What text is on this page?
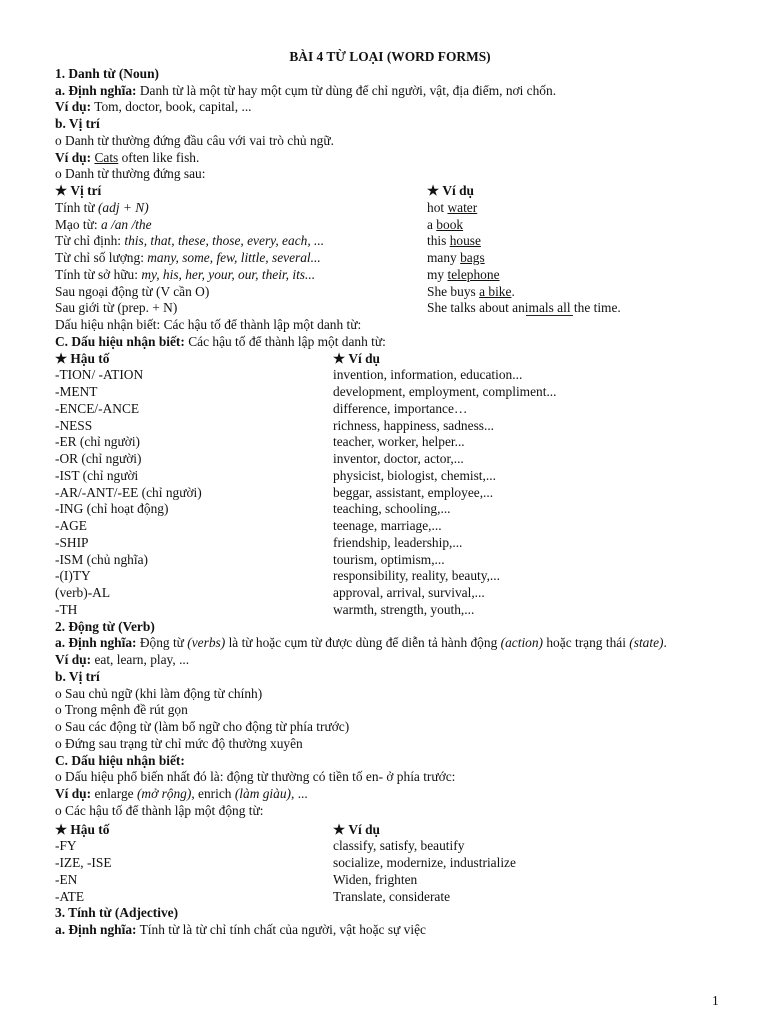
BÀI 4 TỪ LOẠI (WORD FORMS)
1. Danh từ (Noun)
a. Định nghĩa: Danh từ là một từ hay một cụm từ dùng để chỉ người, vật, địa điểm, nơi chốn.
Ví dụ: Tom, doctor, book, capital, ...
b. Vị trí
o Danh từ thường đứng đầu câu với vai trò chủ ngữ.
Ví dụ: Cats often like fish.
o Danh từ thường đứng sau:
★ Vị trí	★ Ví dụ
Tính từ (adj + N)	hot water
Mạo từ: a /an /the	a book
Từ chỉ định: this, that, these, those, every, each, ...	this house
Từ chỉ số lượng: many, some, few, little, several...	many bags
Tính từ sở hữu: my, his, her, your, our, their, its...	my telephone
Sau ngoại động từ (V cần O)	She buys a bike.
Sau giới từ (prep. + N)	She talks about animals all the time.
Dấu hiệu nhận biết: Các hậu tố để thành lập một danh từ:
C. Dấu hiệu nhận biết: Các hậu tố để thành lập một danh từ:
★ Hậu tố	★ Ví dụ
-TION/ -ATION	invention, information, education...
-MENT	development, employment, compliment...
-ENCE/-ANCE	difference, importance…
-NESS	richness, happiness, sadness...
-ER (chỉ người)	teacher, worker, helper...
-OR (chỉ người)	inventor, doctor, actor,...
-IST (chỉ người	physicist, biologist, chemist,...
-AR/-ANT/-EE (chỉ người)	beggar, assistant, employee,...
-ING (chỉ hoạt động)	teaching, schooling,...
-AGE	teenage, marriage,...
-SHIP	friendship, leadership,...
-ISM (chủ nghĩa)	tourism, optimism,...
-(I)TY	responsibility, reality, beauty,...
(verb)-AL	approval, arrival, survival,...
-TH	warmth, strength, youth,...
2. Động từ (Verb)
a. Định nghĩa: Động từ (verbs) là từ hoặc cụm từ được dùng để diễn tả hành động (action) hoặc trạng thái (state).
Ví dụ: eat, learn, play, ...
b. Vị trí
o Sau chủ ngữ (khi làm động từ chính)
o Trong mệnh đề rút gọn
o Sau các động từ (làm bổ ngữ cho động từ phía trước)
o Đứng sau trạng từ chỉ mức độ thường xuyên
C. Dấu hiệu nhận biết:
o Dấu hiệu phổ biến nhất đó là: động từ thường có tiền tố en- ở phía trước:
Ví dụ: enlarge (mở rộng), enrich (làm giàu), ...
o Các hậu tố để thành lập một động từ:
★ Hậu tố	★ Ví dụ
-FY	classify, satisfy, beautify
-IZE, -ISE	socialize, modernize, industrialize
-EN	Widen, frighten
-ATE	Translate, considerate
3. Tính từ (Adjective)
a. Định nghĩa: Tính từ là từ chỉ tính chất của người, vật hoặc sự việc
1
